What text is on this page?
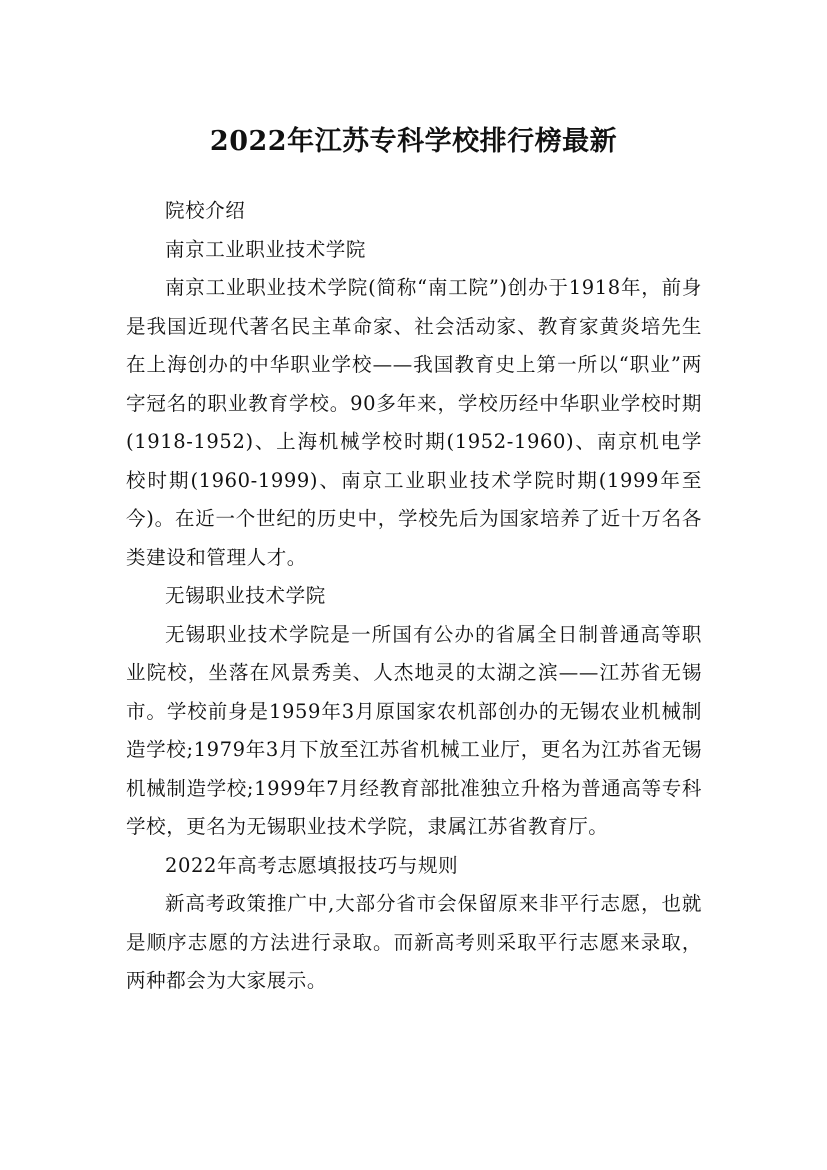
2022年江苏专科学校排行榜最新

院校介绍

南京工业职业技术学院

南京工业职业技术学院(简称“南工院”)创办于1918年，前身是我国近现代著名民主革命家、社会活动家、教育家黄炎培先生在上海创办的中华职业学校——我国教育史上第一所以“职业”两字冠名的职业教育学校。90多年来，学校历经中华职业学校时期(1918-1952)、上海机械学校时期(1952-1960)、南京机电学校时期(1960-1999)、南京工业职业技术学院时期(1999年至今)。在近一个世纪的历史中，学校先后为国家培养了近十万名各类建设和管理人才。

无锡职业技术学院

无锡职业技术学院是一所国有公办的省属全日制普通高等职业院校，坐落在风景秀美、人杰地灵的太湖之滨——江苏省无锡市。学校前身是1959年3月原国家农机部创办的无锡农业机械制造学校;1979年3月下放至江苏省机械工业厅，更名为江苏省无锡机械制造学校;1999年7月经教育部批准独立升格为普通高等专科学校，更名为无锡职业技术学院，隶属江苏省教育厅。

2022年高考志愿填报技巧与规则

新高考政策推广中,大部分省市会保留原来非平行志愿，也就是顺序志愿的方法进行录取。而新高考则采取平行志愿来录取，两种都会为大家展示。
